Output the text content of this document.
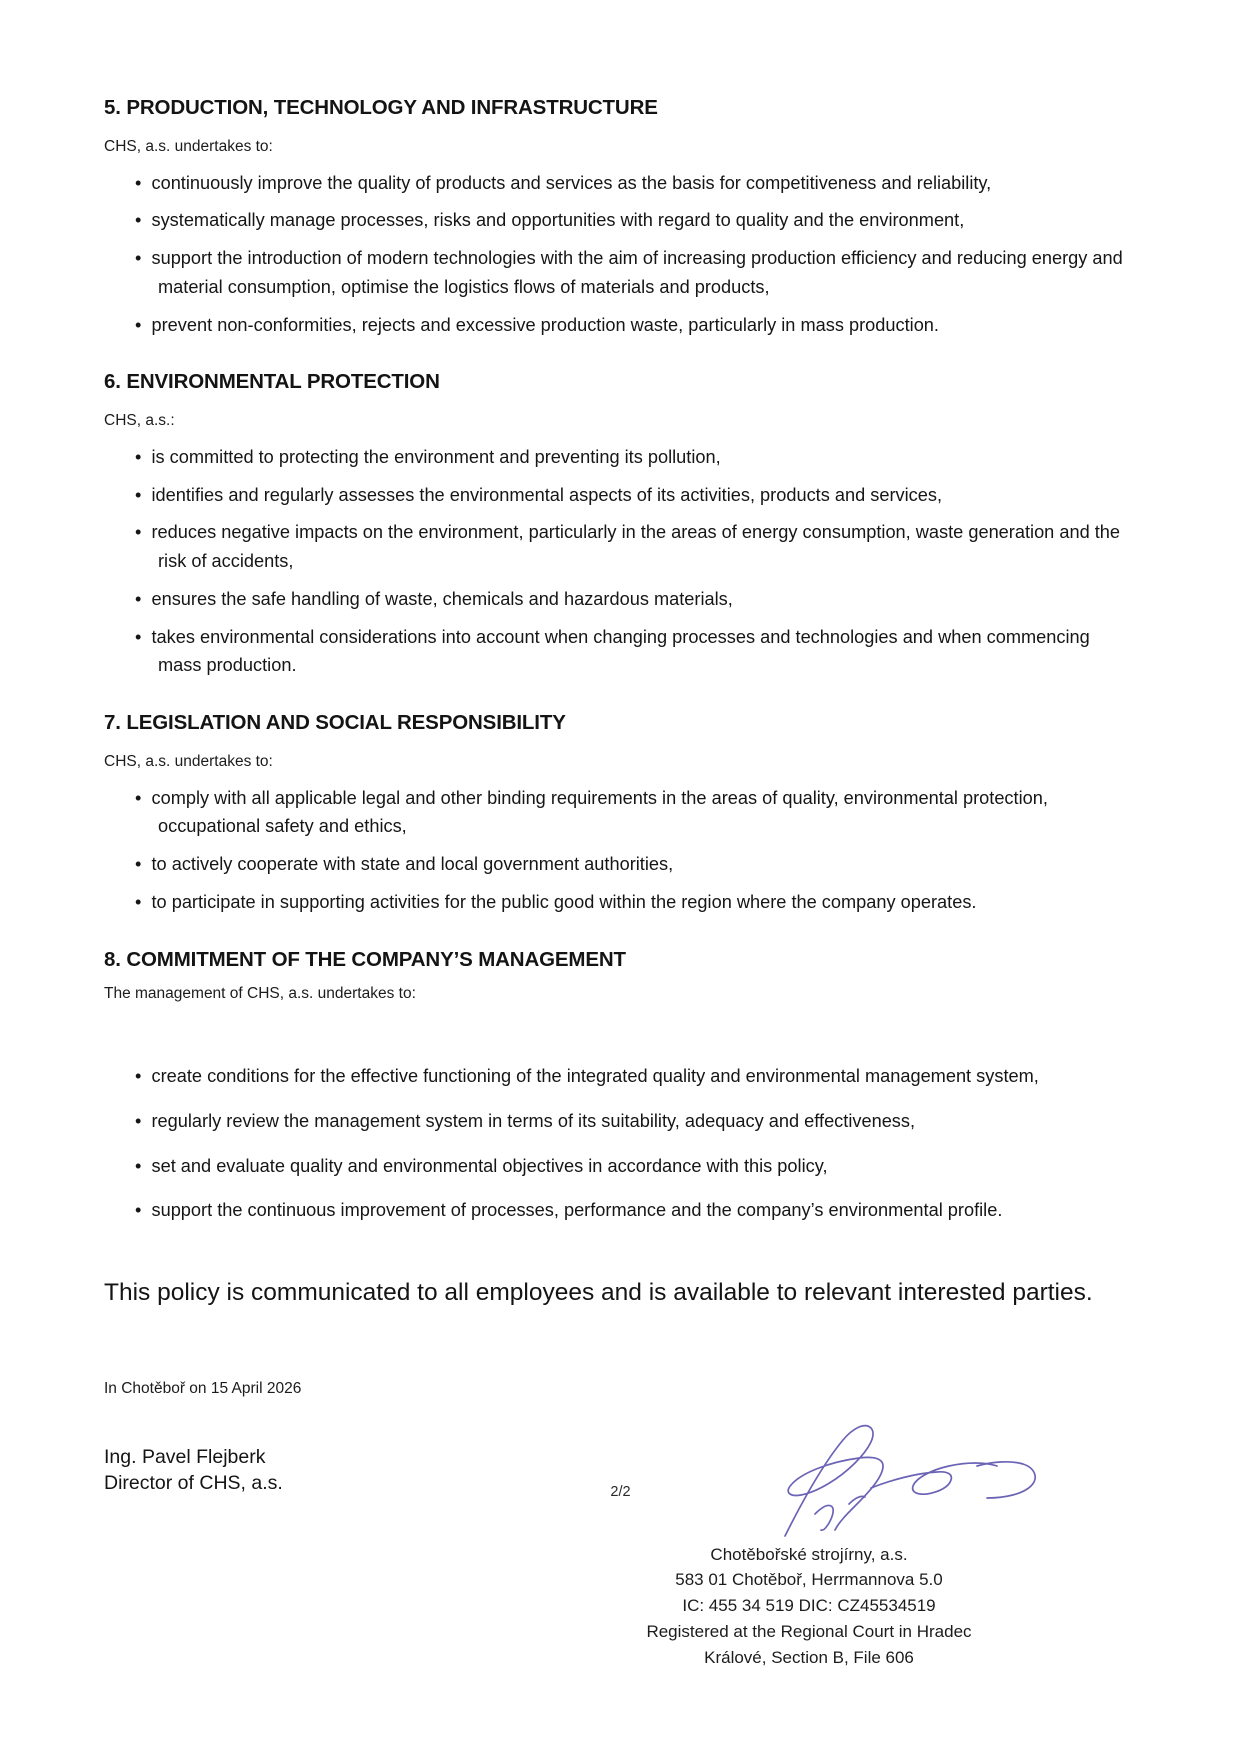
5. PRODUCTION, TECHNOLOGY AND INFRASTRUCTURE

CHS, a.s. undertakes to:

• continuously improve the quality of products and services as the basis for competitiveness and reliability,
• systematically manage processes, risks and opportunities with regard to quality and the environment,
• support the introduction of modern technologies with the aim of increasing production efficiency and reducing energy and material consumption, optimise the logistics flows of materials and products,
• prevent non-conformities, rejects and excessive production waste, particularly in mass production.
6. ENVIRONMENTAL PROTECTION

CHS, a.s.:

• is committed to protecting the environment and preventing its pollution,
• identifies and regularly assesses the environmental aspects of its activities, products and services,
• reduces negative impacts on the environment, particularly in the areas of energy consumption, waste generation and the risk of accidents,
• ensures the safe handling of waste, chemicals and hazardous materials,
• takes environmental considerations into account when changing processes and technologies and when commencing mass production.
7. LEGISLATION AND SOCIAL RESPONSIBILITY

CHS, a.s. undertakes to:

• comply with all applicable legal and other binding requirements in the areas of quality, environmental protection, occupational safety and ethics,
• to actively cooperate with state and local government authorities,
• to participate in supporting activities for the public good within the region where the company operates.
8. COMMITMENT OF THE COMPANY’S MANAGEMENT

The management of CHS, a.s. undertakes to:

• create conditions for the effective functioning of the integrated quality and environmental management system,
• regularly review the management system in terms of its suitability, adequacy and effectiveness,
• set and evaluate quality and environmental objectives in accordance with this policy,
• support the continuous improvement of processes, performance and the company’s environmental profile.

This policy is communicated to all employees and is available to relevant interested parties.

In Chotěboř on 15 April 2026

Ing. Pavel Flejberk
Director of CHS, a.s.
Chotěbořské strojírny, a.s.
583 01 Chotěboř, Herrmannova 5.0
IC: 455 34 519 DIC: CZ45534519
Registered at the Regional Court in Hradec
Králové, Section B, File 606
2/2
